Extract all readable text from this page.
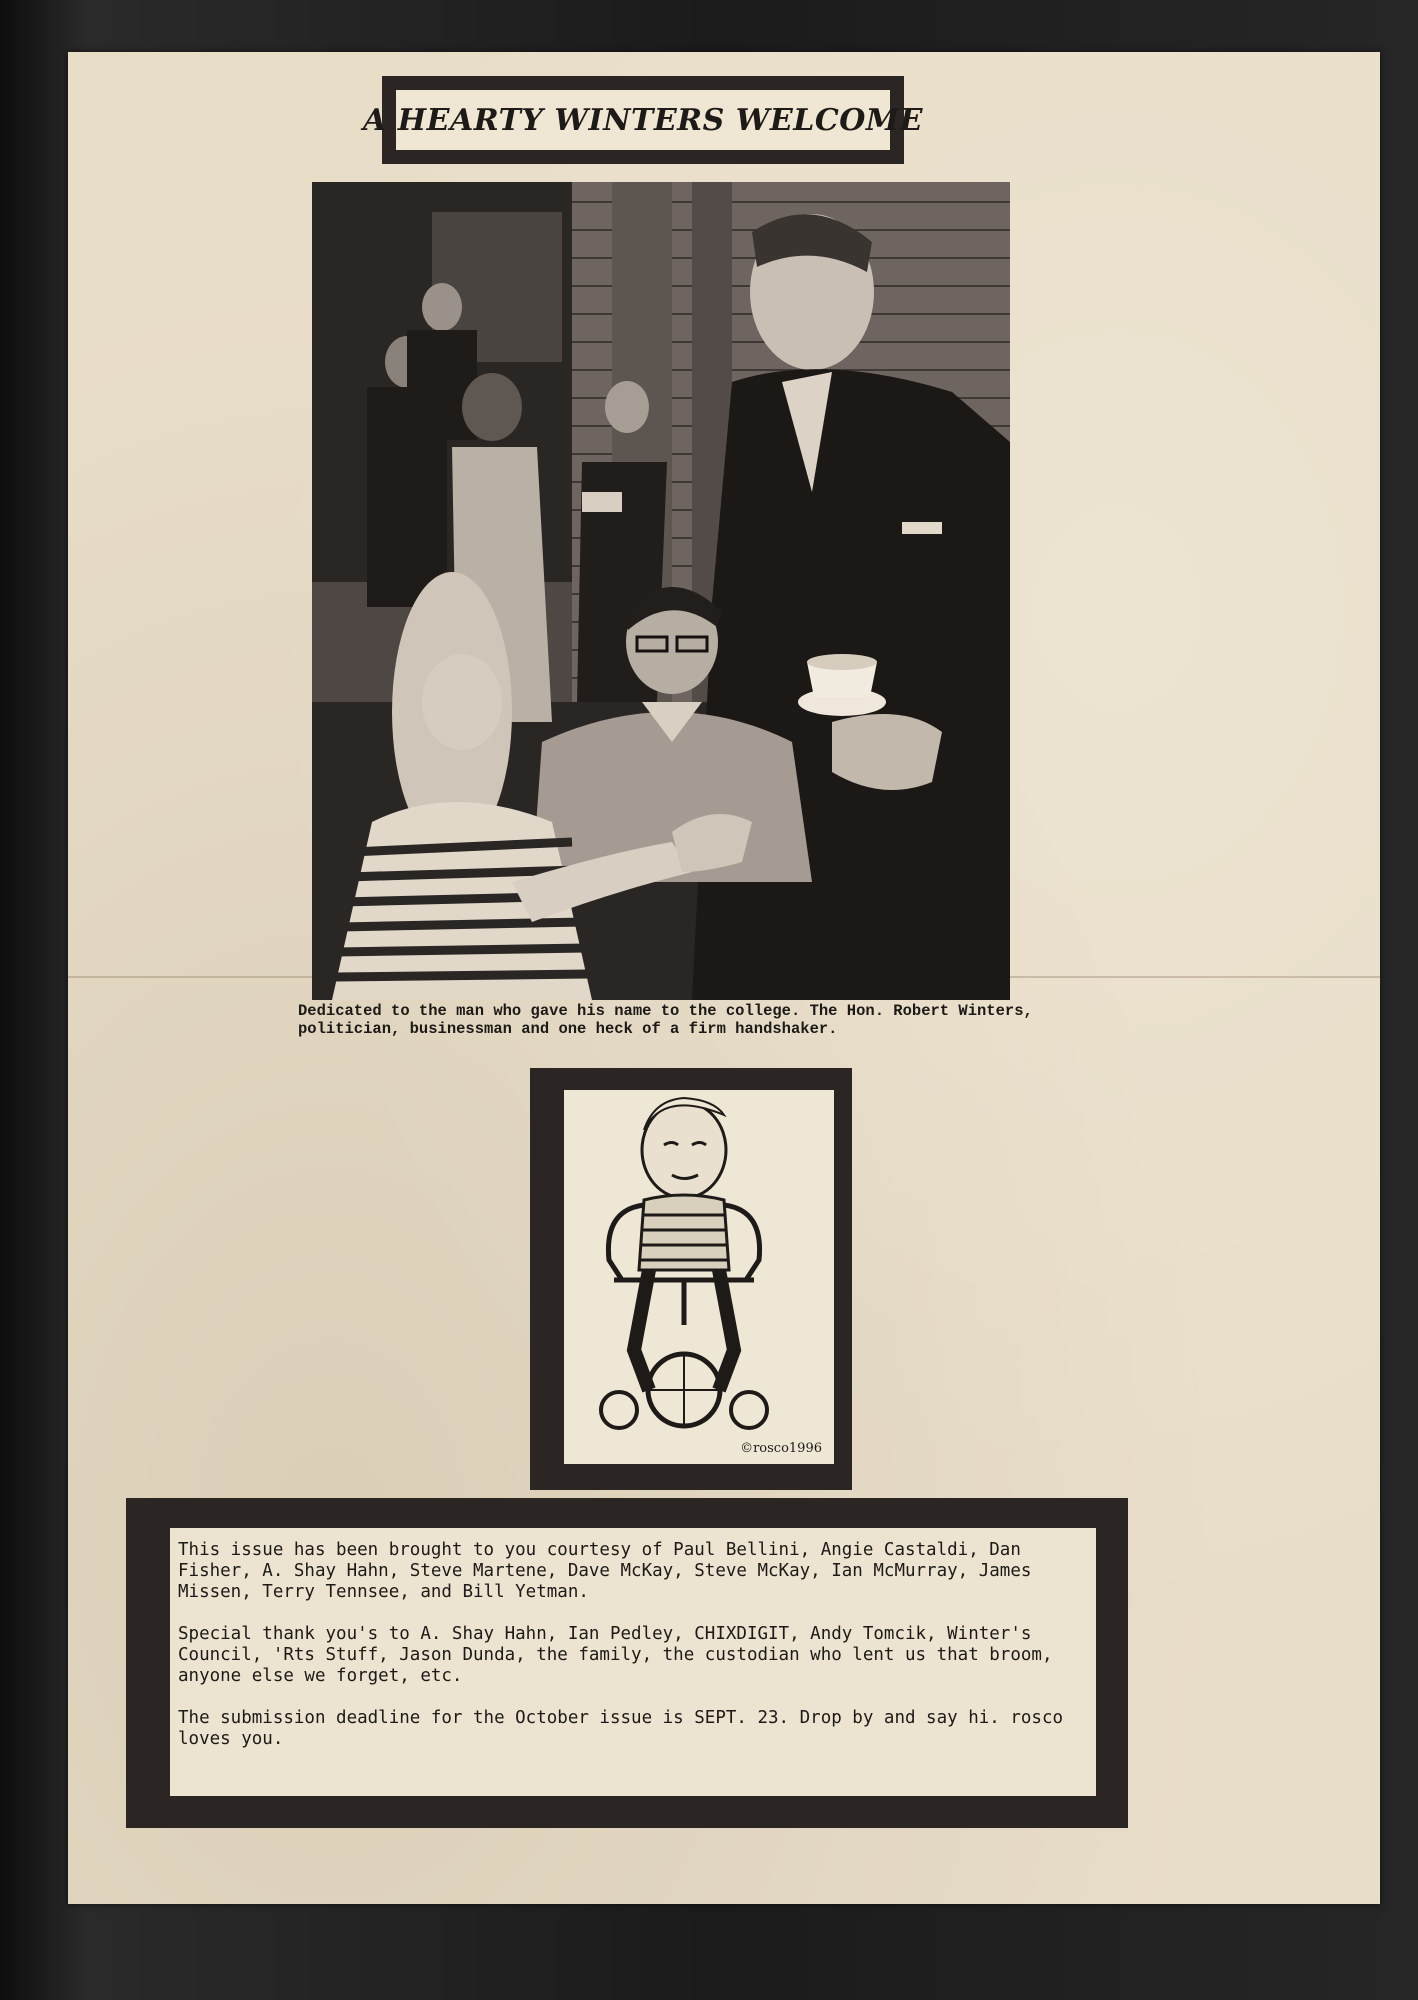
A HEARTY WINTERS WELCOME

Dedicated to the man who gave his name to the college. The Hon. Robert Winters, politician, businessman and one heck of a firm handshaker.

©rosco1996

This issue has been brought to you courtesy of Paul Bellini, Angie Castaldi, Dan Fisher, A. Shay Hahn, Steve Martene, Dave McKay, Steve McKay, Ian McMurray, James Missen, Terry Tennsee, and Bill Yetman.

Special thank you's to A. Shay Hahn, Ian Pedley, CHIXDIGIT, Andy Tomcik, Winter's Council, 'Rts Stuff, Jason Dunda, the family, the custodian who lent us that broom, anyone else we forget, etc.

The submission deadline for the October issue is SEPT. 23. Drop by and say hi. rosco loves you.
